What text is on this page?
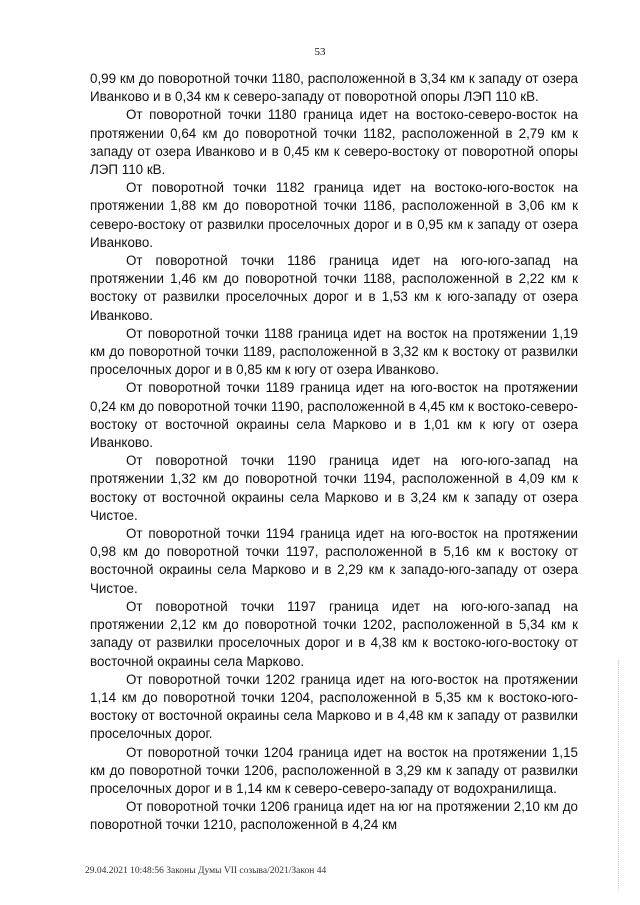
53

0,99 км до поворотной точки 1180, расположенной в 3,34 км к западу от озера Иванково и в 0,34 км к северо-западу от поворотной опоры ЛЭП 110 кВ.

От поворотной точки 1180 граница идет на востоко-северо-восток на протяжении 0,64 км до поворотной точки 1182, расположенной в 2,79 км к западу от озера Иванково и в 0,45 км к северо-востоку от поворотной опоры ЛЭП 110 кВ.

От поворотной точки 1182 граница идет на востоко-юго-восток на протяжении 1,88 км до поворотной точки 1186, расположенной в 3,06 км к северо-востоку от развилки проселочных дорог и в 0,95 км к западу от озера Иванково.

От поворотной точки 1186 граница идет на юго-юго-запад на протяжении 1,46 км до поворотной точки 1188, расположенной в 2,22 км к востоку от развилки проселочных дорог и в 1,53 км к юго-западу от озера Иванково.

От поворотной точки 1188 граница идет на восток на протяжении 1,19 км до поворотной точки 1189, расположенной в 3,32 км к востоку от развилки проселочных дорог и в 0,85 км к югу от озера Иванково.

От поворотной точки 1189 граница идет на юго-восток на протяжении 0,24 км до поворотной точки 1190, расположенной в 4,45 км к востоко-северо-востоку от восточной окраины села Марково и в 1,01 км к югу от озера Иванково.

От поворотной точки 1190 граница идет на юго-юго-запад на протяжении 1,32 км до поворотной точки 1194, расположенной в 4,09 км к востоку от восточной окраины села Марково и в 3,24 км к западу от озера Чистое.

От поворотной точки 1194 граница идет на юго-восток на протяжении 0,98 км до поворотной точки 1197, расположенной в 5,16 км к востоку от восточной окраины села Марково и в 2,29 км к западо-юго-западу от озера Чистое.

От поворотной точки 1197 граница идет на юго-юго-запад на протяжении 2,12 км до поворотной точки 1202, расположенной в 5,34 км к западу от развилки проселочных дорог и в 4,38 км к востоко-юго-востоку от восточной окраины села Марково.

От поворотной точки 1202 граница идет на юго-восток на протяжении 1,14 км до поворотной точки 1204, расположенной в 5,35 км к востоко-юго-востоку от восточной окраины села Марково и в 4,48 км к западу от развилки проселочных дорог.

От поворотной точки 1204 граница идет на восток на протяжении 1,15 км до поворотной точки 1206, расположенной в 3,29 км к западу от развилки проселочных дорог и в 1,14 км к северо-северо-западу от водохранилища.

От поворотной точки 1206 граница идет на юг на протяжении 2,10 км до поворотной точки 1210, расположенной в 4,24 км

29.04.2021 10:48:56 Законы Думы VII созыва/2021/Закон 44
